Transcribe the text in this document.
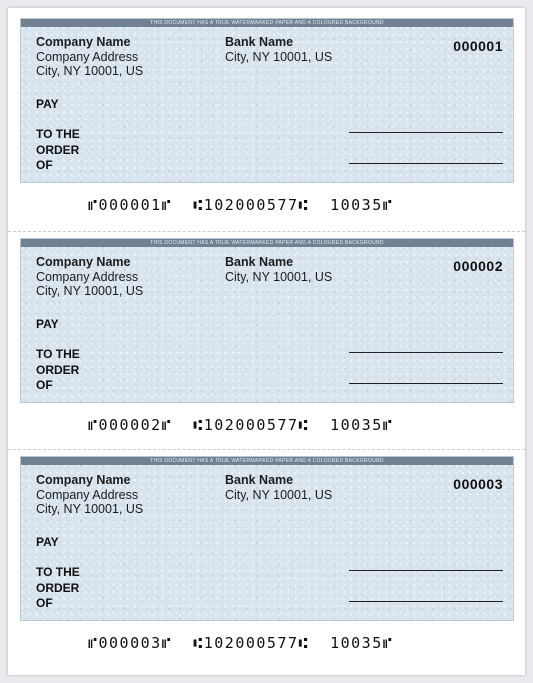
THIS DOCUMENT HAS A TRUE WATERMARKED PAPER AND A COLOURED BACKGROUND
Company Name
Company Address
City, NY 10001, US
Bank Name
City, NY 10001, US
000001
PAY
TO THE
ORDER
OF
⑈000001⑈  ⑆102000577⑆  10035⑈
THIS DOCUMENT HAS A TRUE WATERMARKED PAPER AND A COLOURED BACKGROUND
Company Name
Company Address
City, NY 10001, US
Bank Name
City, NY 10001, US
000002
PAY
TO THE
ORDER
OF
⑈000002⑈  ⑆102000577⑆  10035⑈
THIS DOCUMENT HAS A TRUE WATERMARKED PAPER AND A COLOURED BACKGROUND
Company Name
Company Address
City, NY 10001, US
Bank Name
City, NY 10001, US
000003
PAY
TO THE
ORDER
OF
⑈000003⑈  ⑆102000577⑆  10035⑈
